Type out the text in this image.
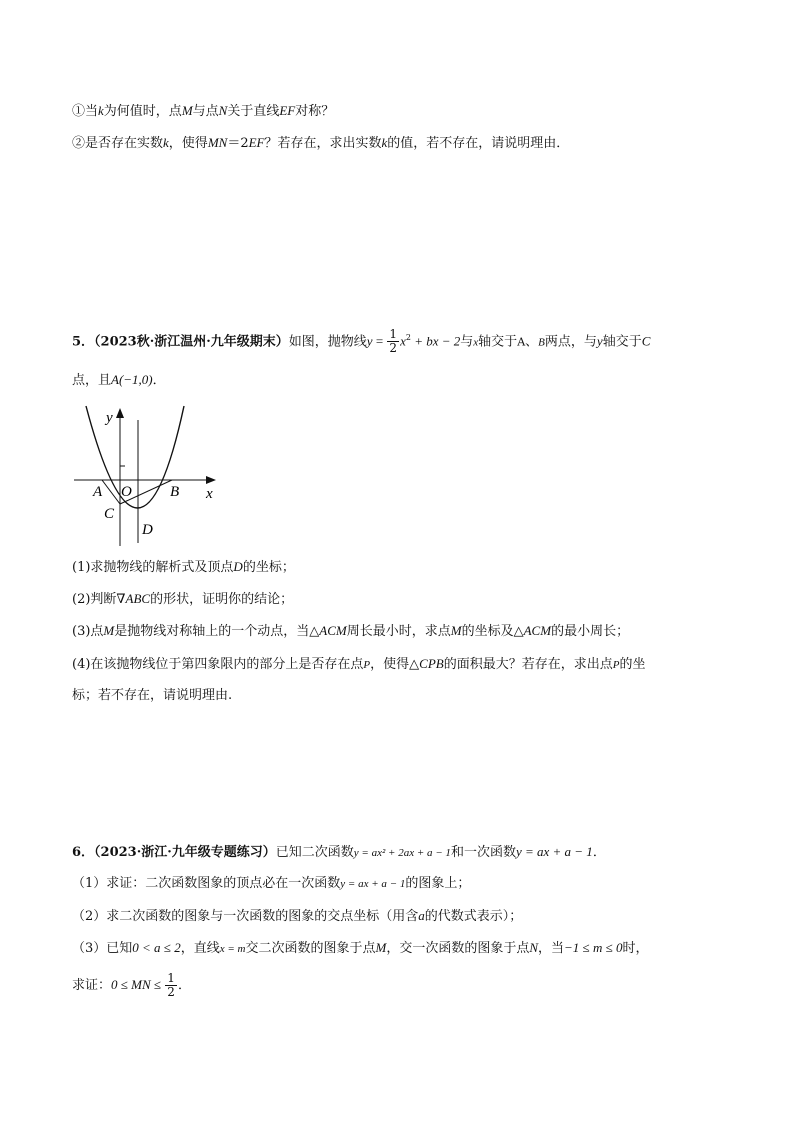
①当k为何值时，点M与点N关于直线EF对称？
②是否存在实数k，使得MN＝2EF？若存在，求出实数k的值，若不存在，请说明理由．
5．（2023秋·浙江温州·九年级期末）如图，抛物线$y = \frac{1}{2} x^2$ + bx − 2与x轴交于A、B两点，与y轴交于C
点，且A(−1,0)．
y
x
A O	B
C
D
(1)求抛物线的解析式及顶点D的坐标；
(2)判断∇ABC的形状，证明你的结论；
(3)点M是抛物线对称轴上的一个动点，当△ACM周长最小时，求点M的坐标及△ACM的最小周长；
(4)在该抛物线位于第四象限内的部分上是否存在点P，使得△CPB的面积最大？若存在，求出点P的坐
标；若不存在，请说明理由.
6．（2023·浙江·九年级专题练习）已知二次函数y = ax² + 2ax + a − 1和一次函数y = ax + a − 1．
（1）求证：二次函数图象的顶点必在一次函数y = ax + a − 1的图象上；
（2）求二次函数的图象与一次函数的图象的交点坐标（用含a的代数式表示）；
（3）已知0 < a ≤ 2，直线x = m交二次函数的图象于点M，交一次函数的图象于点N，当−1 ≤ m ≤ 0时，
求证：0 ≤ MN ≤ $\frac{1}{2}$ ．
